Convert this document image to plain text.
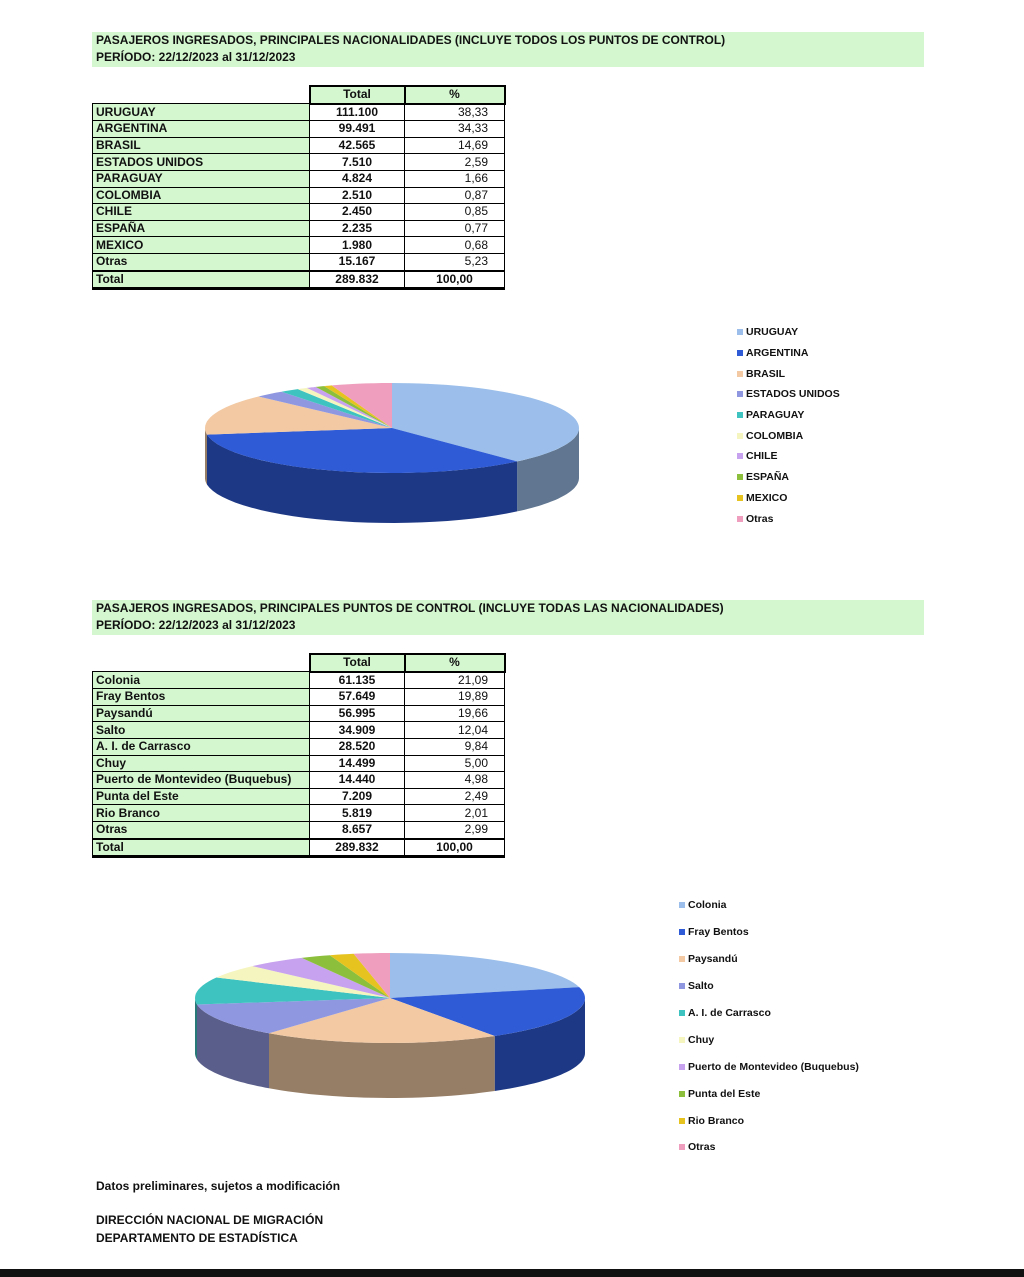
PASAJEROS INGRESADOS, PRINCIPALES NACIONALIDADES (INCLUYE TODOS LOS PUNTOS DE CONTROL)
PERÍODO: 22/12/2023 al 31/12/2023
	Total	%
URUGUAY	111.100	38,33
ARGENTINA	99.491	34,33
BRASIL	42.565	14,69
ESTADOS UNIDOS	7.510	2,59
PARAGUAY	4.824	1,66
COLOMBIA	2.510	0,87
CHILE	2.450	0,85
ESPAÑA	2.235	0,77
MEXICO	1.980	0,68
Otras	15.167	5,23
Total	289.832	100,00
URUGUAY
ARGENTINA
BRASIL
ESTADOS UNIDOS
PARAGUAY
COLOMBIA
CHILE
ESPAÑA
MEXICO
Otras
PASAJEROS INGRESADOS, PRINCIPALES PUNTOS DE CONTROL (INCLUYE TODAS LAS NACIONALIDADES)
PERÍODO: 22/12/2023 al 31/12/2023
	Total	%
Colonia	61.135	21,09
Fray Bentos	57.649	19,89
Paysandú	56.995	19,66
Salto	34.909	12,04
A. I. de Carrasco	28.520	9,84
Chuy	14.499	5,00
Puerto de Montevideo (Buquebus)	14.440	4,98
Punta del Este	7.209	2,49
Rio Branco	5.819	2,01
Otras	8.657	2,99
Total	289.832	100,00
Colonia
Fray Bentos
Paysandú
Salto
A. I. de Carrasco
Chuy
Puerto de Montevideo (Buquebus)
Punta del Este
Rio Branco
Otras
Datos preliminares, sujetos a modificación
DIRECCIÓN NACIONAL DE MIGRACIÓN
DEPARTAMENTO DE ESTADÍSTICA
